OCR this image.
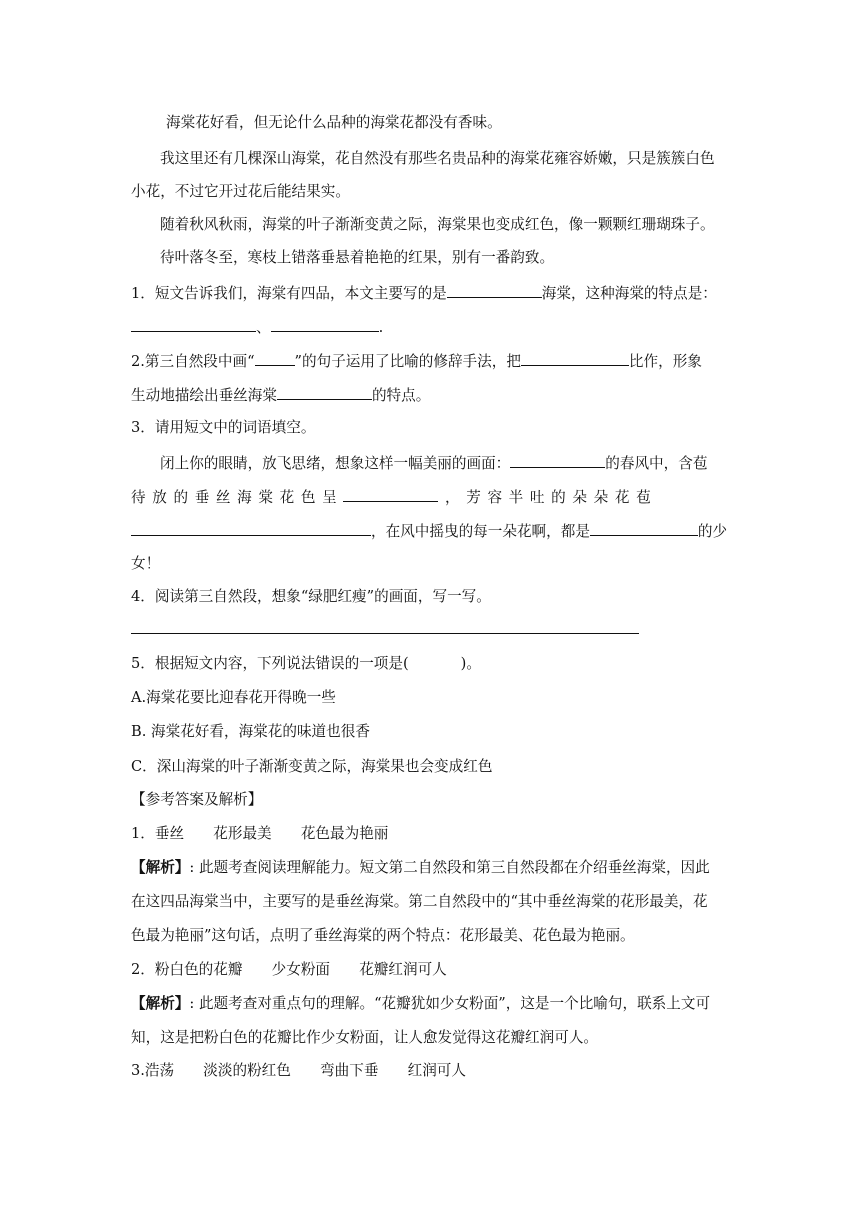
海棠花好看，但无论什么品种的海棠花都没有香味。
我这里还有几棵深山海棠，花自然没有那些名贵品种的海棠花雍容娇嫩，只是簇簇白色
小花，不过它开过花后能结果实。
随着秋风秋雨，海棠的叶子渐渐变黄之际，海棠果也变成红色，像一颗颗红珊瑚珠子。
待叶落冬至，寒枝上错落垂悬着艳艳的红果，别有一番韵致。
1．短文告诉我们，海棠有四品，本文主要写的是	海棠，这种海棠的特点是：
、	.
2.第三自然段中画“	”的句子运用了比喻的修辞手法，把	比作，形象
生动地描绘出垂丝海棠	的特点。
3．请用短文中的词语填空。
闭上你的眼睛，放飞思绪，想象这样一幅美丽的画面：	的春风中，含苞
待 放 的 垂 丝 海 棠 花 色 呈	， 芳 容 半 吐 的 朵 朵 花 苞
，在风中摇曳的每一朵花啊，都是	的少
女！
4．阅读第三自然段，想象“绿肥红瘦”的画面，写一写。
5．根据短文内容，下列说法错误的一项是(	)。
A.海棠花要比迎春花开得晚一些
B. 海棠花好看，海棠花的味道也很香
C．深山海棠的叶子渐渐变黄之际，海棠果也会变成红色
【参考答案及解析】
1．垂丝　　花形最美　　花色最为艳丽
【解析】: 此题考查阅读理解能力。短文第二自然段和第三自然段都在介绍垂丝海棠，因此
在这四品海棠当中，主要写的是垂丝海棠。第二自然段中的“其中垂丝海棠的花形最美，花
色最为艳丽”这句话，点明了垂丝海棠的两个特点：花形最美、花色最为艳丽。
2．粉白色的花瓣　　少女粉面　　花瓣红润可人
【解析】: 此题考查对重点句的理解。“花瓣犹如少女粉面”，这是一个比喻句，联系上文可
知，这是把粉白色的花瓣比作少女粉面，让人愈发觉得这花瓣红润可人。
3.浩荡　　淡淡的粉红色　　弯曲下垂　　红润可人
